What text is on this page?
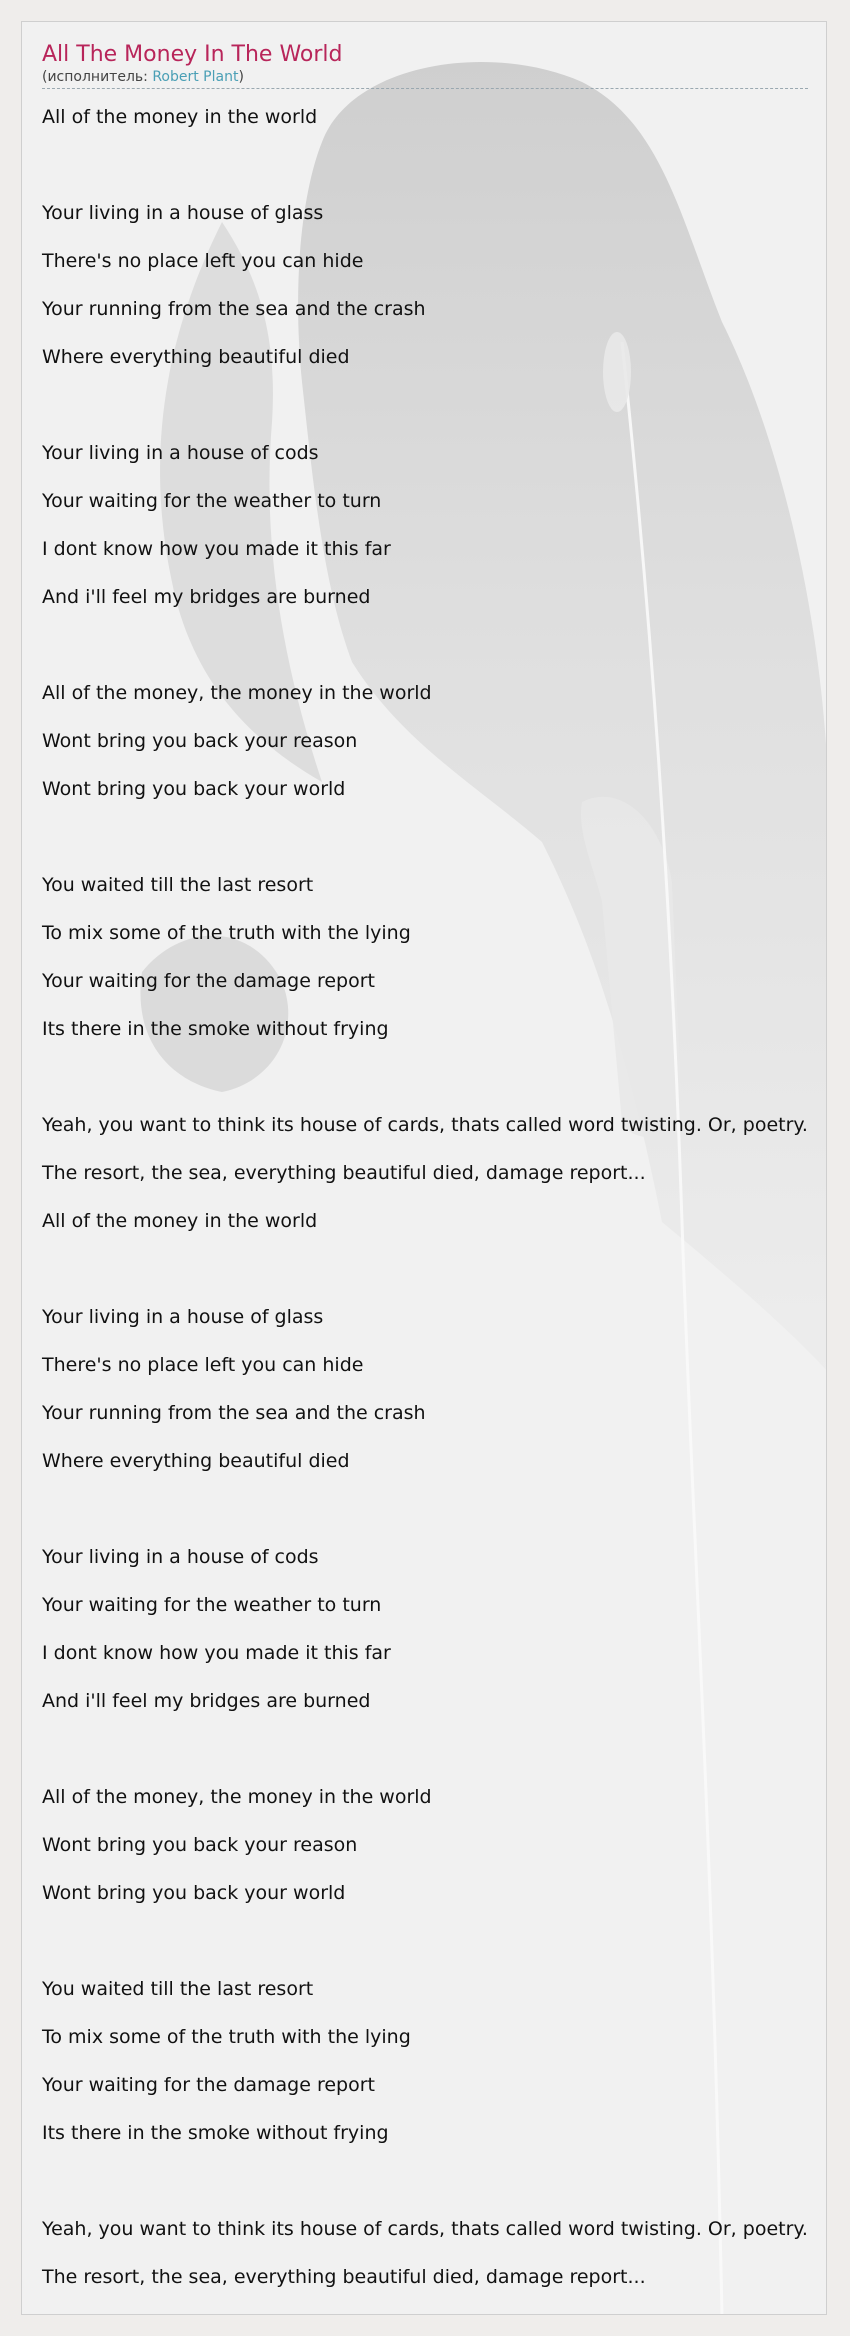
All The Money In The World
(исполнитель: Robert Plant)
All of the money in the world
Your living in a house of glass
There's no place left you can hide
Your running from the sea and the crash
Where everything beautiful died
Your living in a house of cods
Your waiting for the weather to turn
I dont know how you made it this far
And i'll feel my bridges are burned
All of the money, the money in the world
Wont bring you back your reason
Wont bring you back your world
You waited till the last resort
To mix some of the truth with the lying
Your waiting for the damage report
Its there in the smoke without frying
Yeah, you want to think its house of cards, thats called word twisting. Or, poetry.
The resort, the sea, everything beautiful died, damage report...
All of the money in the world
Your living in a house of glass
There's no place left you can hide
Your running from the sea and the crash
Where everything beautiful died
Your living in a house of cods
Your waiting for the weather to turn
I dont know how you made it this far
And i'll feel my bridges are burned
All of the money, the money in the world
Wont bring you back your reason
Wont bring you back your world
You waited till the last resort
To mix some of the truth with the lying
Your waiting for the damage report
Its there in the smoke without frying
Yeah, you want to think its house of cards, thats called word twisting. Or, poetry.
The resort, the sea, everything beautiful died, damage report...
